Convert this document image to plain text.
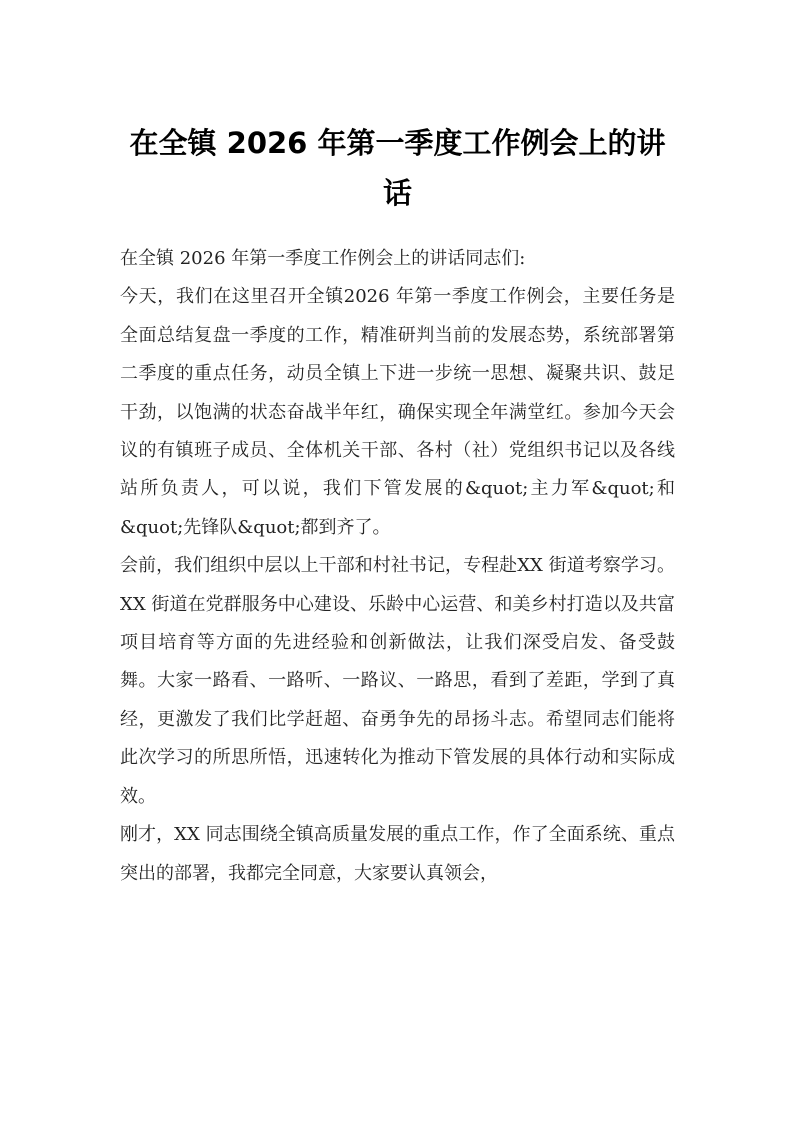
在全镇 2026 年第一季度工作例会上的讲话

在全镇 2026 年第一季度工作例会上的讲话同志们:

今天，我们在这里召开全镇2026 年第一季度工作例会，主要任务是全面总结复盘一季度的工作，精准研判当前的发展态势，系统部署第二季度的重点任务，动员全镇上下进一步统一思想、凝聚共识、鼓足干劲，以饱满的状态奋战半年红，确保实现全年满堂红。参加今天会议的有镇班子成员、全体机关干部、各村（社）党组织书记以及各线站所负责人，可以说，我们下管发展的&quot;主力军&quot;和 &quot;先锋队&quot;都到齐了。

会前，我们组织中层以上干部和村社书记，专程赴XX 街道考察学习。XX 街道在党群服务中心建设、乐龄中心运营、和美乡村打造以及共富项目培育等方面的先进经验和创新做法，让我们深受启发、备受鼓舞。大家一路看、一路听、一路议、一路思，看到了差距，学到了真经，更激发了我们比学赶超、奋勇争先的昂扬斗志。希望同志们能将此次学习的所思所悟，迅速转化为推动下管发展的具体行动和实际成效。

刚才，XX 同志围绕全镇高质量发展的重点工作，作了全面系统、重点突出的部署，我都完全同意，大家要认真领会，
